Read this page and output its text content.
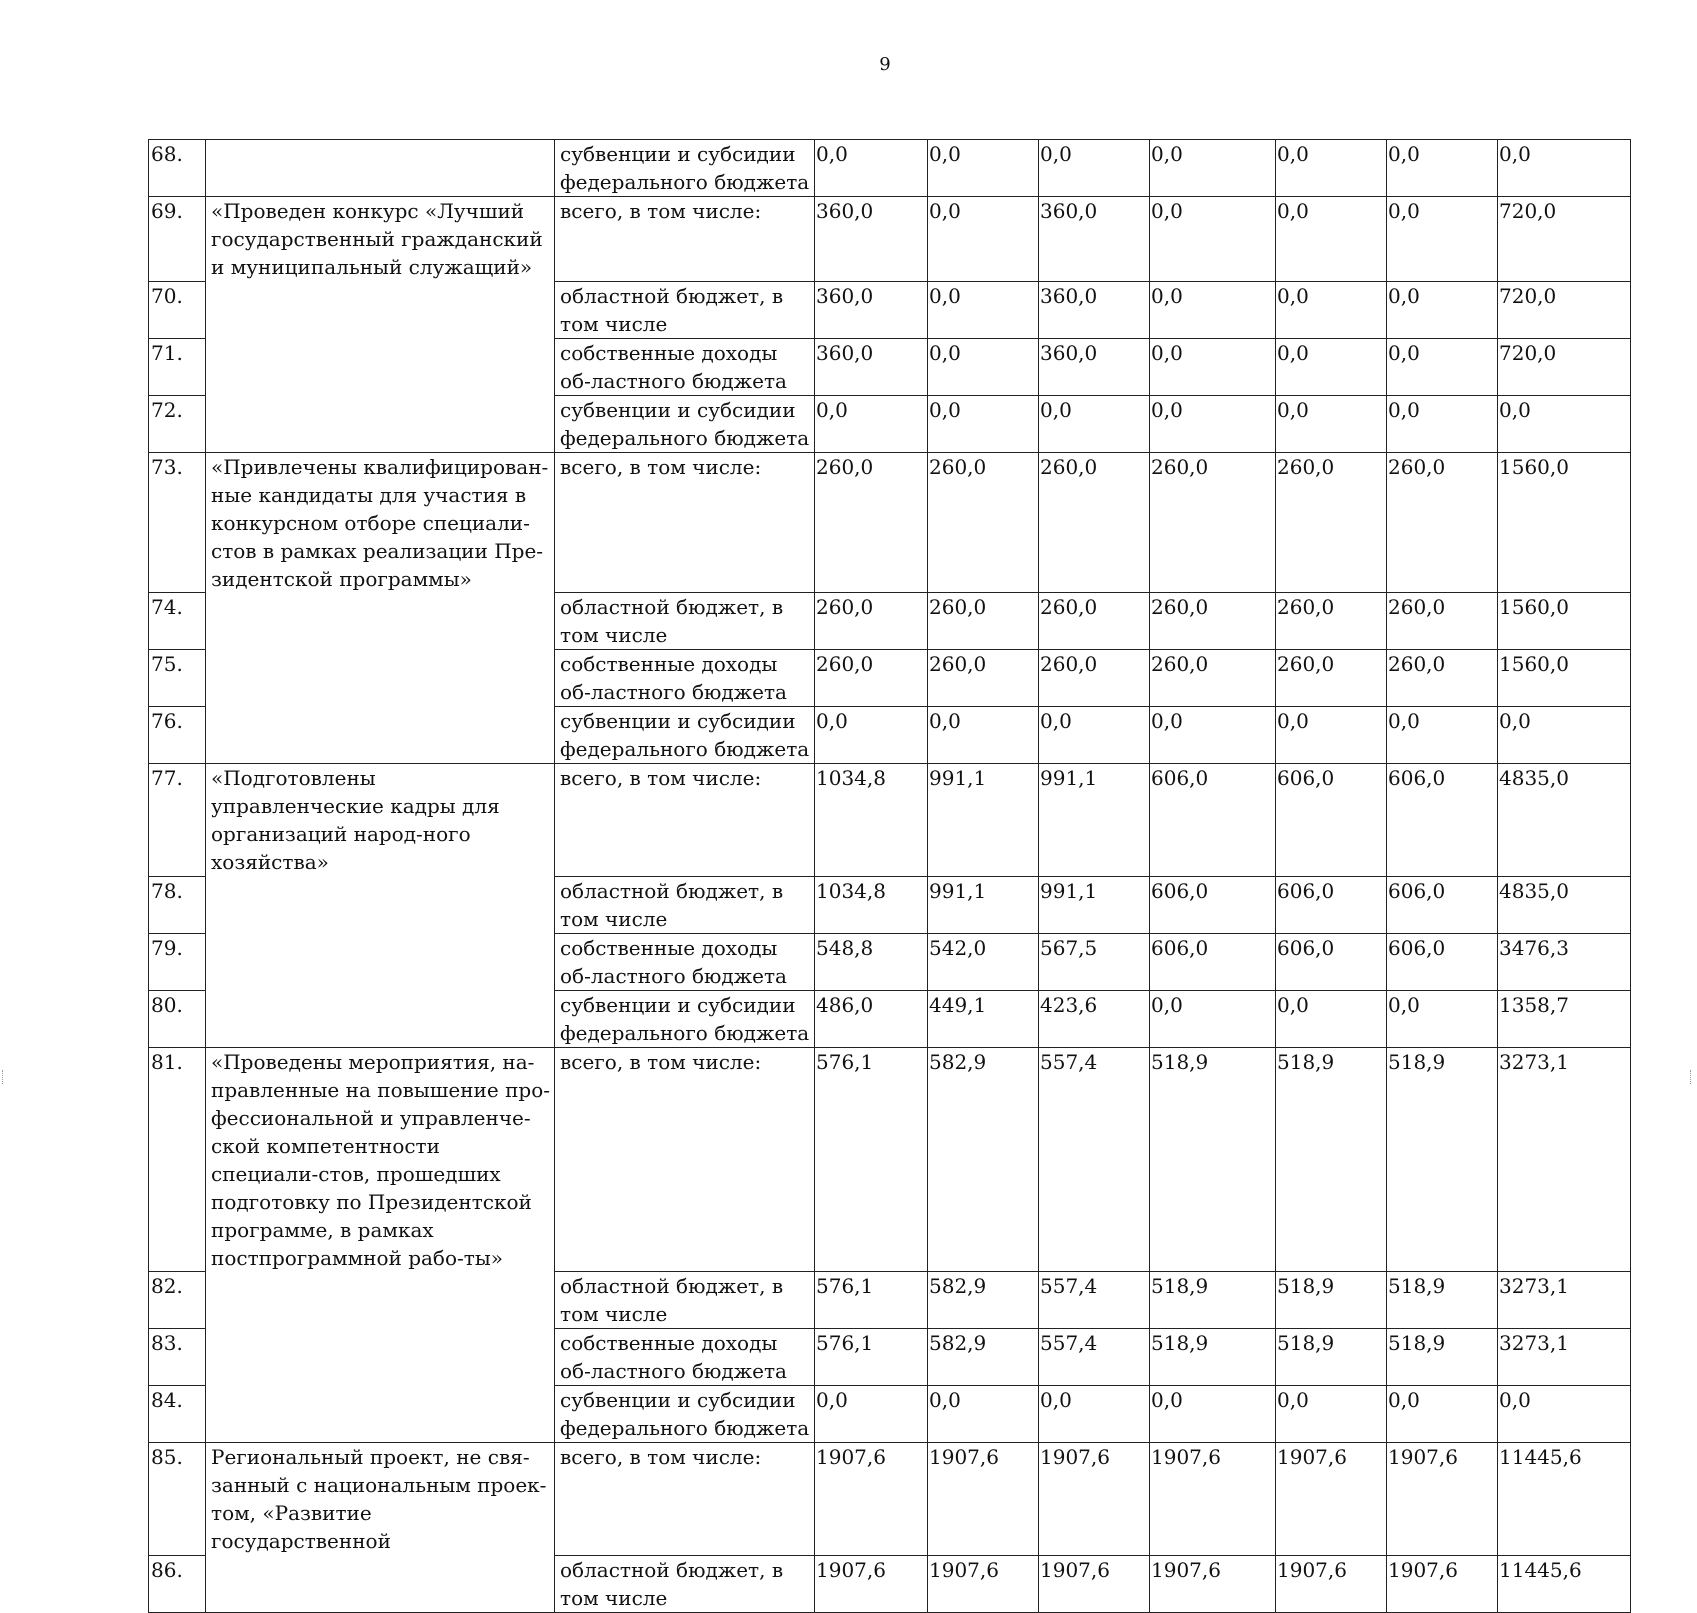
9
68.		субвенции и субсидии федерального бюджета	0,0	0,0	0,0	0,0	0,0	0,0	0,0
69.	«Проведен конкурс «Лучший государственный гражданский и муниципальный служащий»	всего, в том числе:	360,0	0,0	360,0	0,0	0,0	0,0	720,0
70.		областной бюджет, в том числе	360,0	0,0	360,0	0,0	0,0	0,0	720,0
71.		собственные доходы об-ластного бюджета	360,0	0,0	360,0	0,0	0,0	0,0	720,0
72.		субвенции и субсидии федерального бюджета	0,0	0,0	0,0	0,0	0,0	0,0	0,0
73.	«Привлечены квалифицирован-ные кандидаты для участия в конкурсном отборе специали-стов в рамках реализации Пре-зидентской программы»	всего, в том числе:	260,0	260,0	260,0	260,0	260,0	260,0	1560,0
74.		областной бюджет, в том числе	260,0	260,0	260,0	260,0	260,0	260,0	1560,0
75.		собственные доходы об-ластного бюджета	260,0	260,0	260,0	260,0	260,0	260,0	1560,0
76.		субвенции и субсидии федерального бюджета	0,0	0,0	0,0	0,0	0,0	0,0	0,0
77.	«Подготовлены управленческие кадры для организаций народ-ного хозяйства»	всего, в том числе:	1034,8	991,1	991,1	606,0	606,0	606,0	4835,0
78.		областной бюджет, в том числе	1034,8	991,1	991,1	606,0	606,0	606,0	4835,0
79.		собственные доходы об-ластного бюджета	548,8	542,0	567,5	606,0	606,0	606,0	3476,3
80.		субвенции и субсидии федерального бюджета	486,0	449,1	423,6	0,0	0,0	0,0	1358,7
81.	«Проведены мероприятия, на-правленные на повышение про-фессиональной и управленче-ской компетентности специали-стов, прошедших подготовку по Президентской программе, в рамках постпрограммной рабо-ты»	всего, в том числе:	576,1	582,9	557,4	518,9	518,9	518,9	3273,1
82.		областной бюджет, в том числе	576,1	582,9	557,4	518,9	518,9	518,9	3273,1
83.		собственные доходы об-ластного бюджета	576,1	582,9	557,4	518,9	518,9	518,9	3273,1
84.		субвенции и субсидии федерального бюджета	0,0	0,0	0,0	0,0	0,0	0,0	0,0
85.	Региональный проект, не свя-занный с национальным проек-том, «Развитие государственной	всего, в том числе:	1907,6	1907,6	1907,6	1907,6	1907,6	1907,6	11445,6
86.		областной бюджет, в том числе	1907,6	1907,6	1907,6	1907,6	1907,6	1907,6	11445,6
